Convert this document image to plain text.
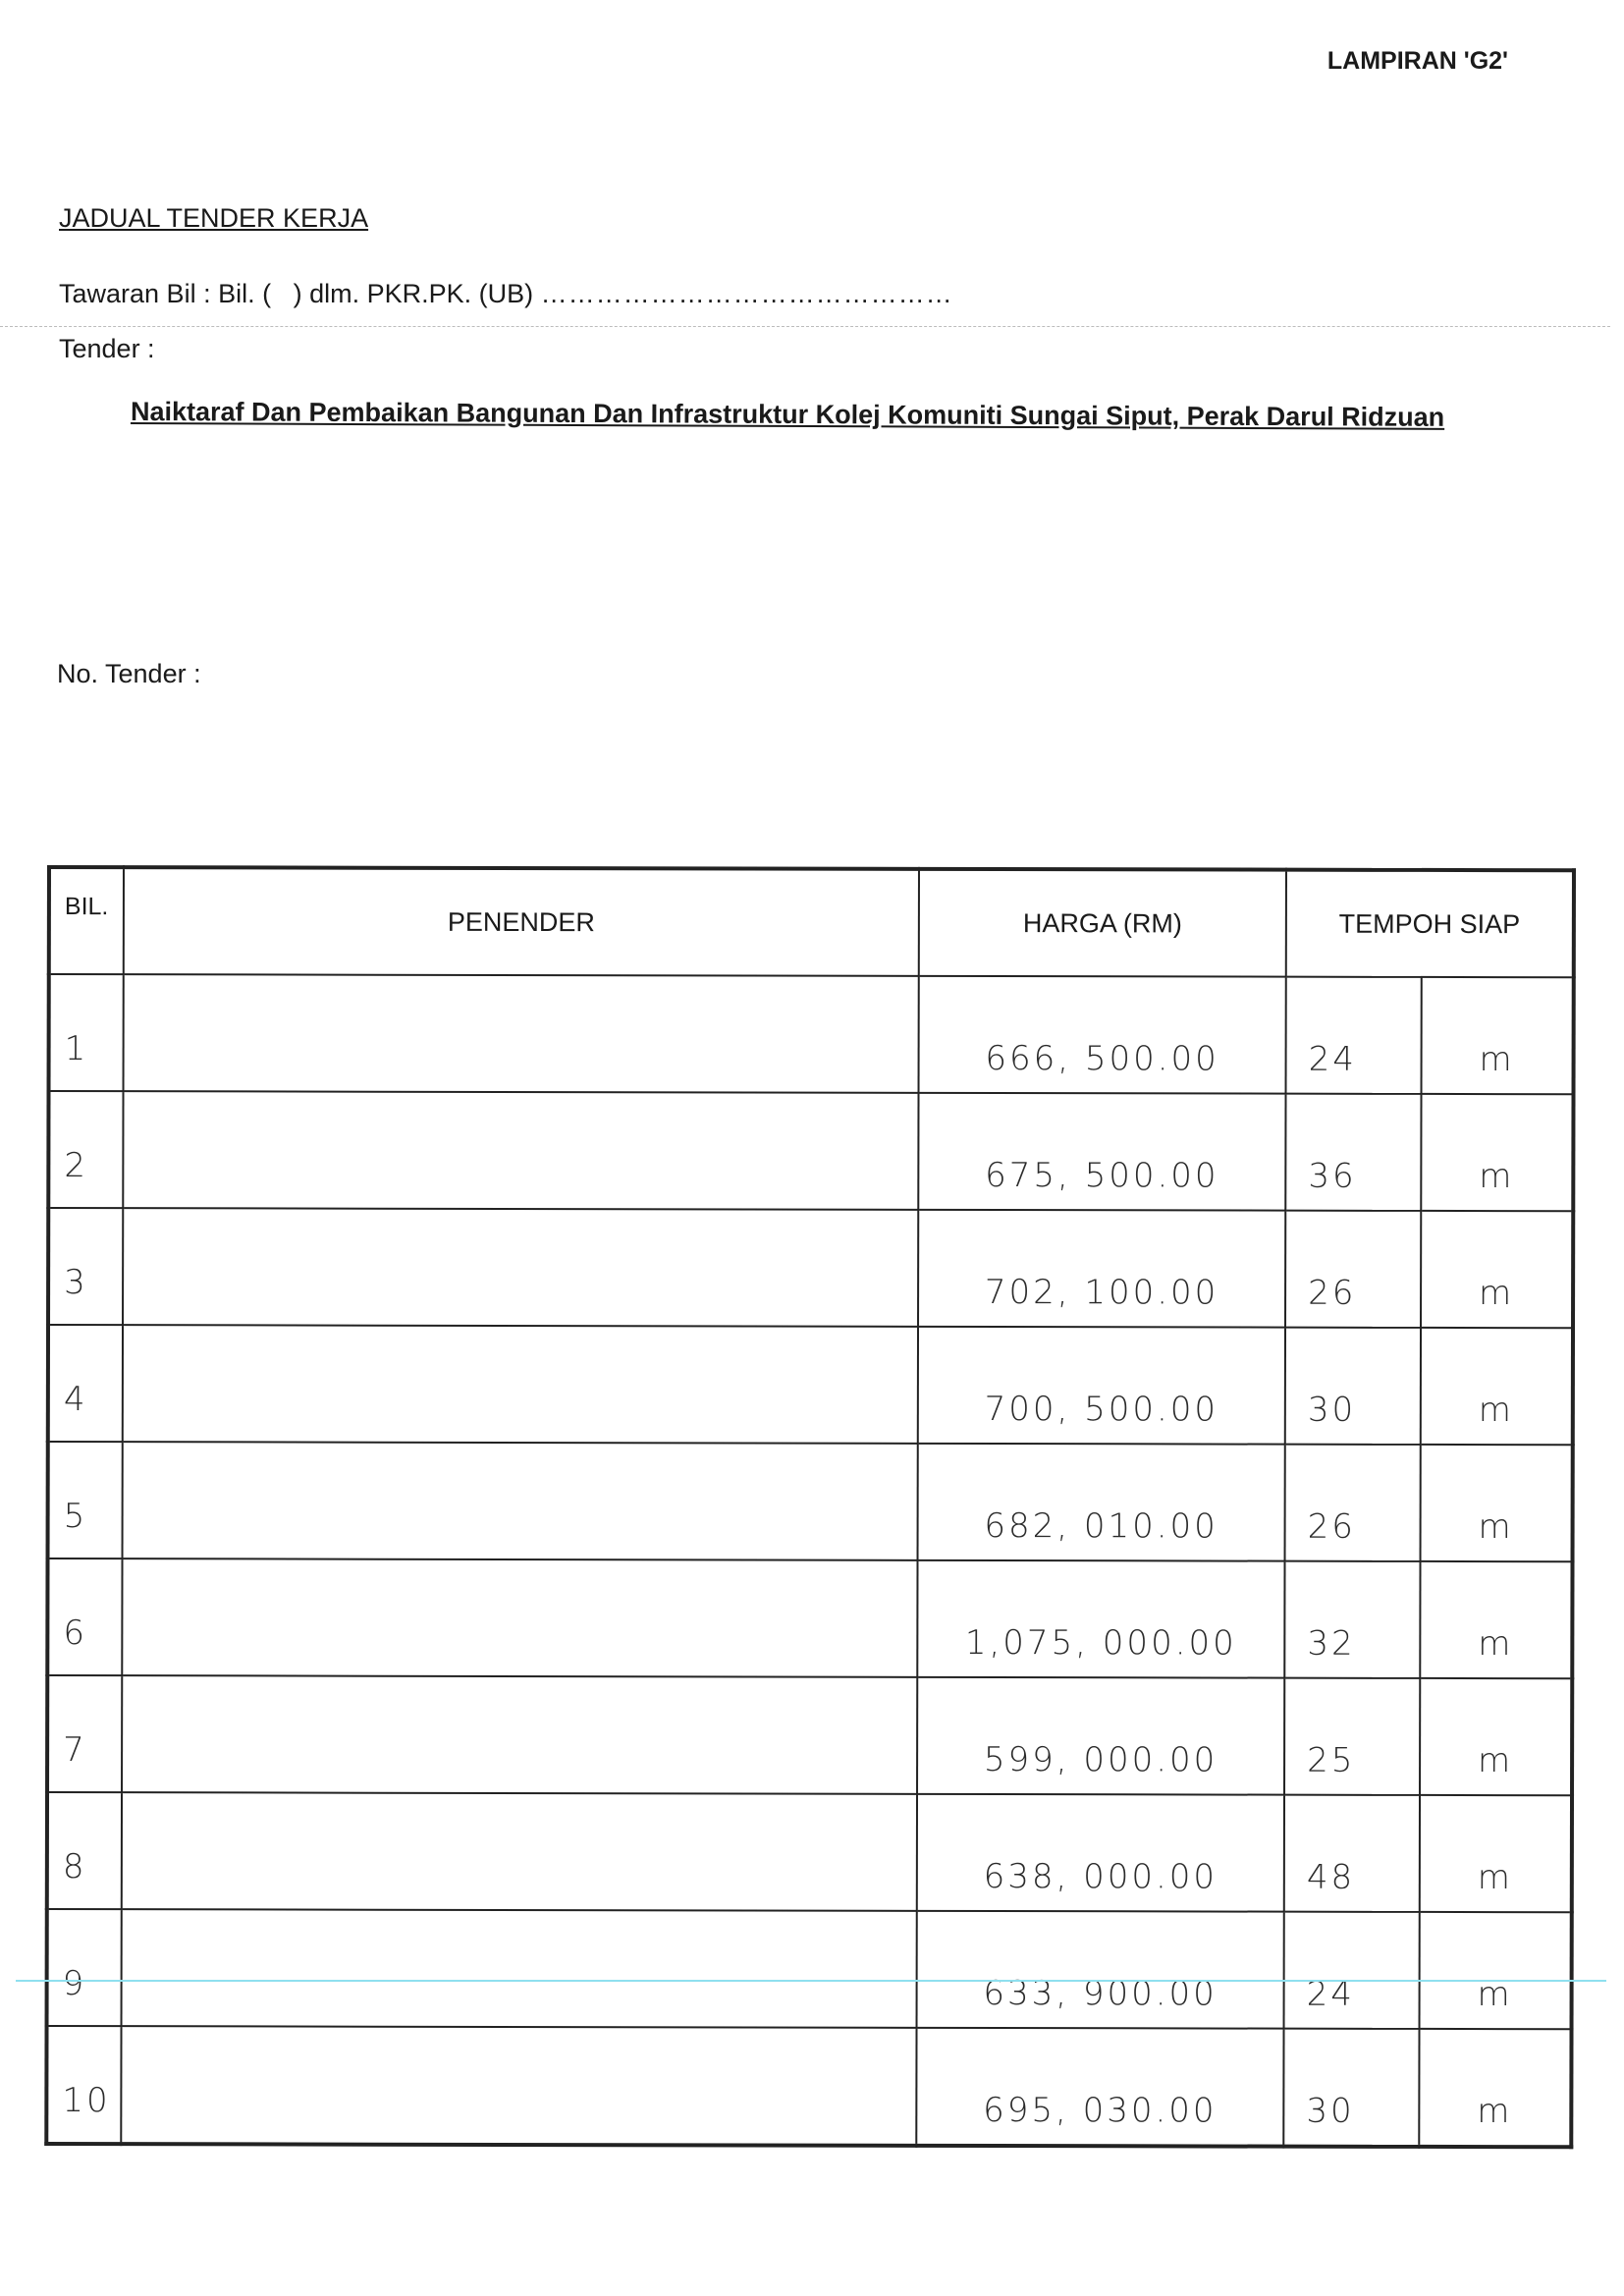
LAMPIRAN 'G2'
JADUAL TENDER KERJA
Tawaran Bil : Bil. (   ) dlm. PKR.PK. (UB) ………………………………………
Tender :
Naiktaraf Dan Pembaikan Bangunan Dan Infrastruktur Kolej Komuniti Sungai Siput, Perak Darul Ridzuan
No. Tender :
BIL.	PENENDER	HARGA (RM)	TEMPOH SIAP	
1		666, 500.00	24	m
2		675, 500.00	36	m
3		702, 100.00	26	m
4		700, 500.00	30	m
5		682, 010.00	26	m
6		1,075, 000.00	32	m
7		599, 000.00	25	m
8		638, 000.00	48	m
9		633, 900.00	24	m
10		695, 030.00	30	m
